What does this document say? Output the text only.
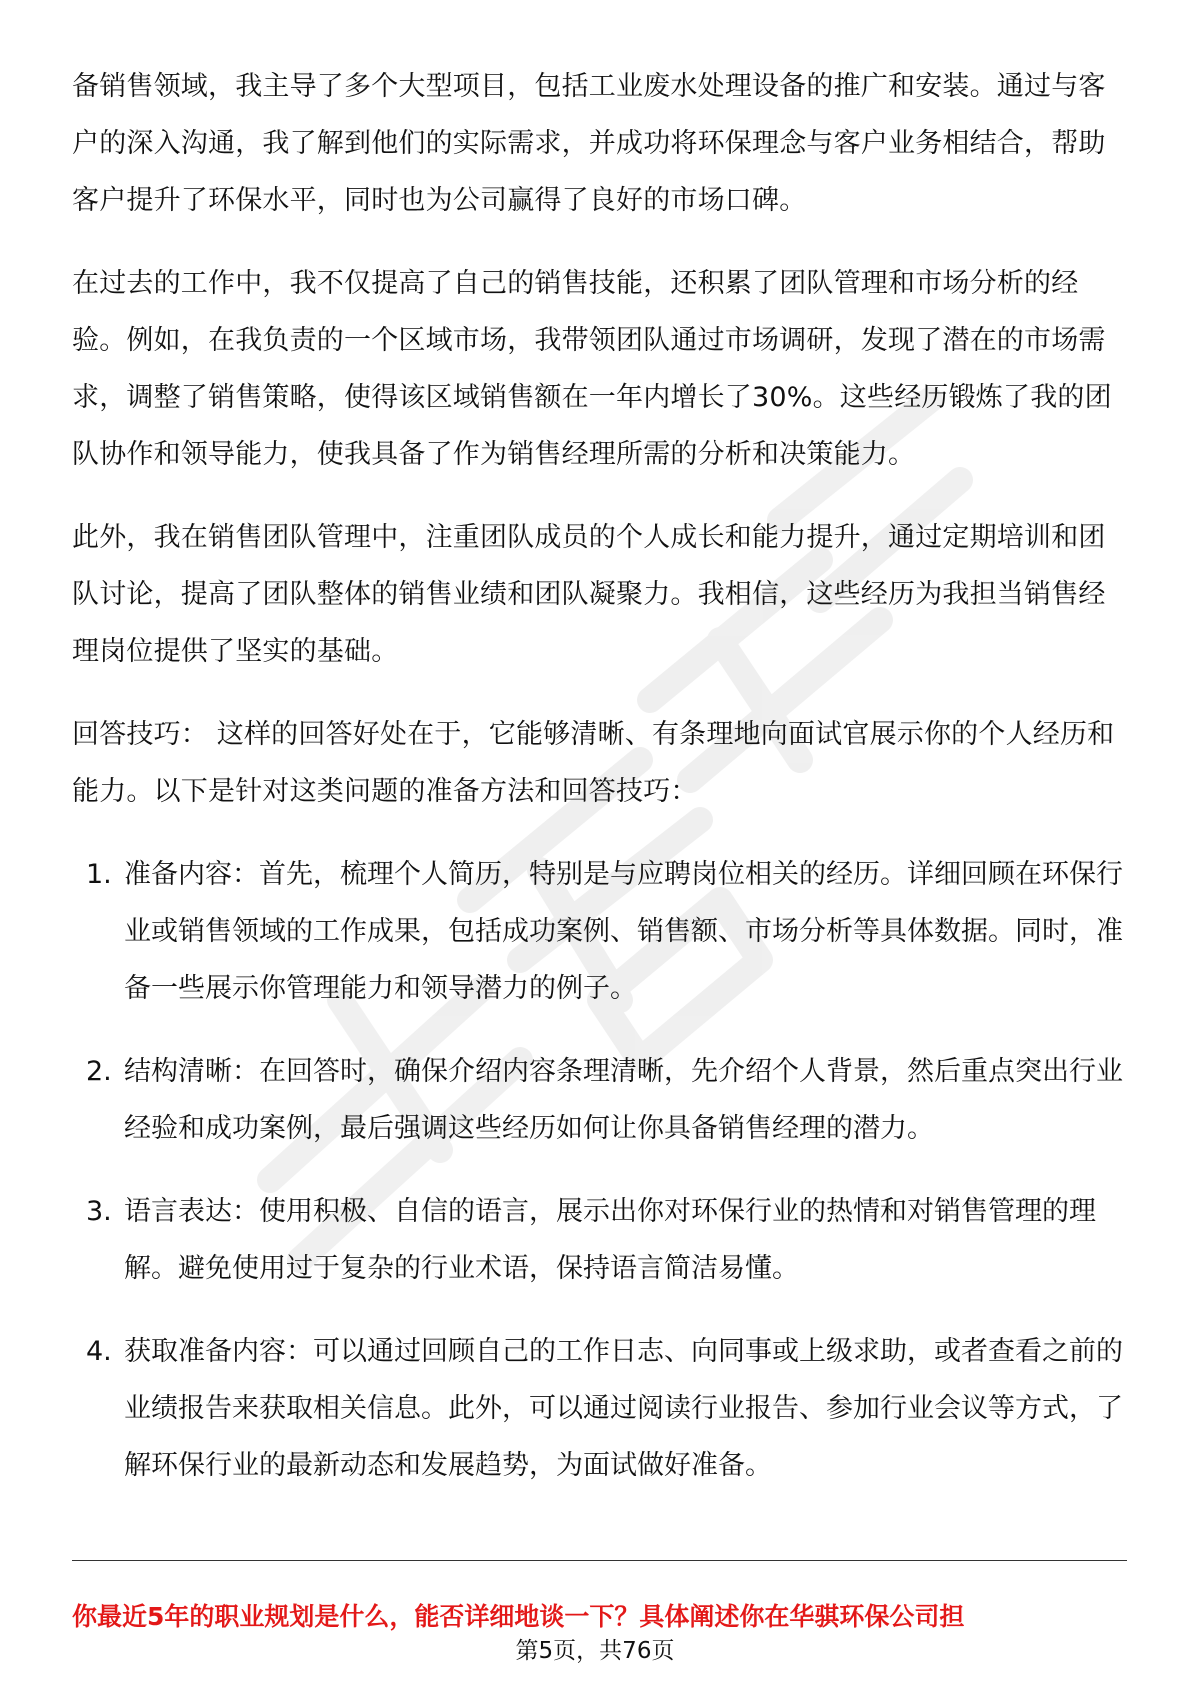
备销售领域，我主导了多个大型项目，包括工业废水处理设备的推广和安装。通过与客户的深入沟通，我了解到他们的实际需求，并成功将环保理念与客户业务相结合，帮助客户提升了环保水平，同时也为公司赢得了良好的市场口碑。

在过去的工作中，我不仅提高了自己的销售技能，还积累了团队管理和市场分析的经验。例如，在我负责的一个区域市场，我带领团队通过市场调研，发现了潜在的市场需求，调整了销售策略，使得该区域销售额在一年内增长了30%。这些经历锻炼了我的团队协作和领导能力，使我具备了作为销售经理所需的分析和决策能力。

此外，我在销售团队管理中，注重团队成员的个人成长和能力提升，通过定期培训和团队讨论，提高了团队整体的销售业绩和团队凝聚力。我相信，这些经历为我担当销售经理岗位提供了坚实的基础。

回答技巧： 这样的回答好处在于，它能够清晰、有条理地向面试官展示你的个人经历和能力。以下是针对这类问题的准备方法和回答技巧：

1. 准备内容：首先，梳理个人简历，特别是与应聘岗位相关的经历。详细回顾在环保行业或销售领域的工作成果，包括成功案例、销售额、市场分析等具体数据。同时，准备一些展示你管理能力和领导潜力的例子。
2. 结构清晰：在回答时，确保介绍内容条理清晰，先介绍个人背景，然后重点突出行业经验和成功案例，最后强调这些经历如何让你具备销售经理的潜力。
3. 语言表达：使用积极、自信的语言，展示出你对环保行业的热情和对销售管理的理解。避免使用过于复杂的行业术语，保持语言简洁易懂。
4. 获取准备内容：可以通过回顾自己的工作日志、向同事或上级求助，或者查看之前的业绩报告来获取相关信息。此外，可以通过阅读行业报告、参加行业会议等方式，了解环保行业的最新动态和发展趋势，为面试做好准备。
你最近5年的职业规划是什么，能否详细地谈一下？具体阐述你在华骐环保公司担
第5页，共76页
